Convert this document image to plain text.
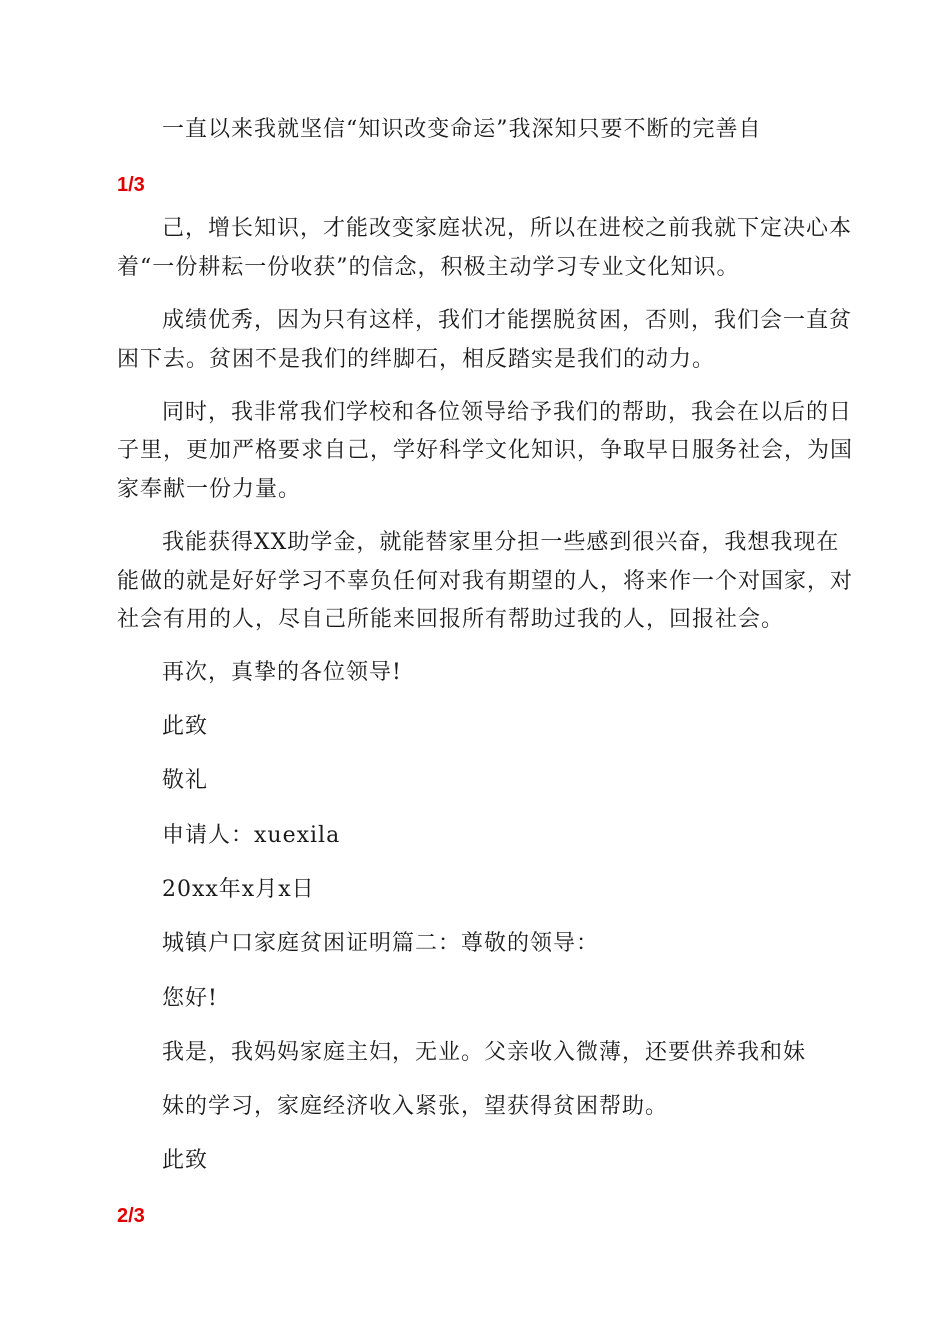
一直以来我就坚信“知识改变命运”我深知只要不断的完善自
1/3
己，增长知识，才能改变家庭状况，所以在进校之前我就下定决心本
着“一份耕耘一份收获”的信念，积极主动学习专业文化知识。
成绩优秀，因为只有这样，我们才能摆脱贫困，否则，我们会一直贫
困下去。贫困不是我们的绊脚石，相反踏实是我们的动力。
同时，我非常我们学校和各位领导给予我们的帮助，我会在以后的日
子里，更加严格要求自己，学好科学文化知识，争取早日服务社会，为国
家奉献一份力量。
我能获得XX助学金，就能替家里分担一些感到很兴奋，我想我现在
能做的就是好好学习不辜负任何对我有期望的人，将来作一个对国家，对
社会有用的人，尽自己所能来回报所有帮助过我的人，回报社会。
再次，真挚的各位领导!
此致
敬礼
申请人：xuexila
20xx年x月x日
城镇户口家庭贫困证明篇二：尊敬的领导：
您好!
我是，我妈妈家庭主妇，无业。父亲收入微薄，还要供养我和妹
妹的学习，家庭经济收入紧张，望获得贫困帮助。
此致
2/3
